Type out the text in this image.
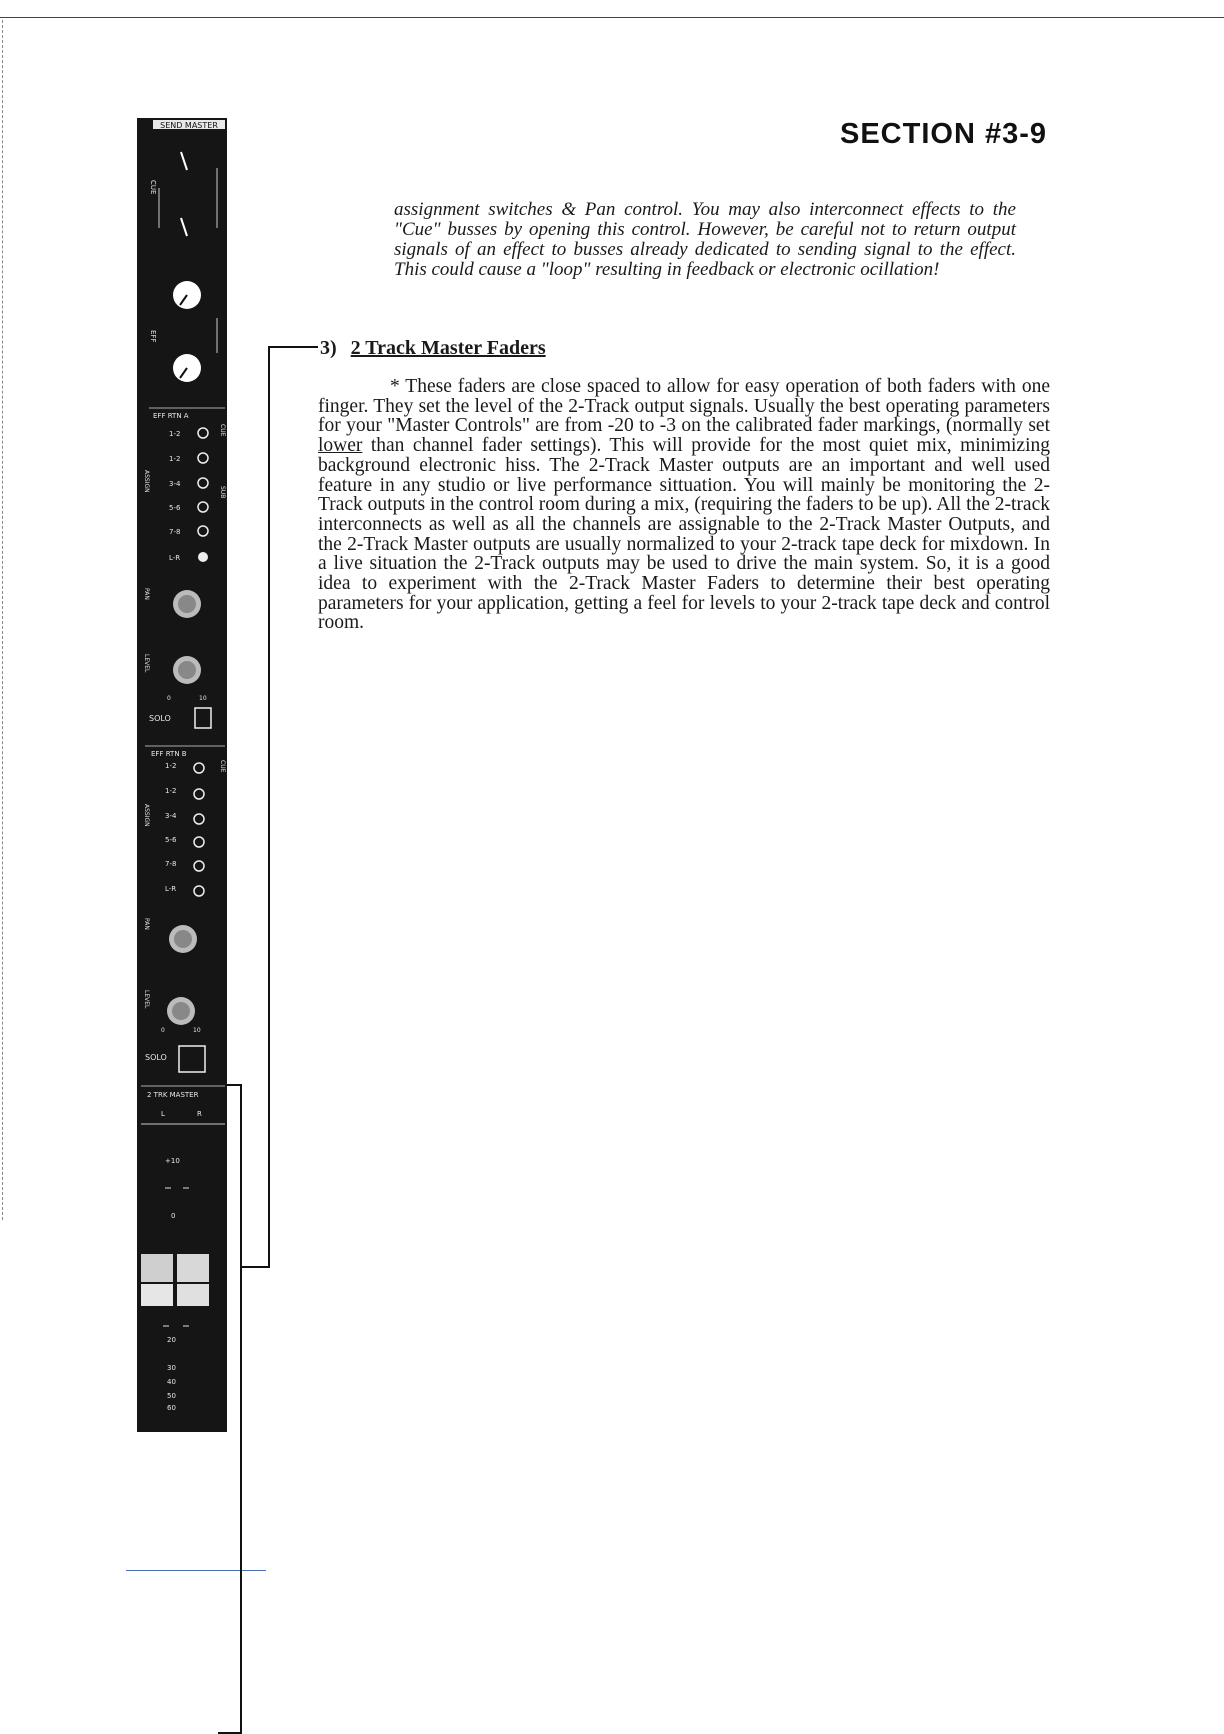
SECTION #3-9
assignment switches & Pan control. You may also interconnect effects to the "Cue" busses by opening this control. However, be careful not to return output signals of an effect to busses already dedicated to sending signal to the effect. This could cause a "loop" resulting in feedback or electronic ocillation!
3) 2 Track Master Faders
* These faders are close spaced to allow for easy operation of both faders with one finger. They set the level of the 2-Track output signals. Usually the best operating parameters for your "Master Controls" are from -20 to -3 on the calibrated fader markings, (normally set lower than channel fader settings). This will provide for the most quiet mix, minimizing background electronic hiss. The 2-Track Master outputs are an important and well used feature in any studio or live performance sittuation. You will mainly be monitoring the 2-Track outputs in the control room during a mix, (requiring the faders to be up). All the 2-track interconnects as well as all the channels are assignable to the 2-Track Master Outputs, and the 2-Track Master outputs are usually normalized to your 2-track tape deck for mixdown. In a live situation the 2-Track outputs may be used to drive the main system. So, it is a good idea to experiment with the 2-Track Master Faders to determine their best operating parameters for your application, getting a feel for levels to your 2-track tape deck and control room.
SEND MASTER
CUE
EFF
EFF RTN A
CUE
SUB
ASSIGN
1-2
1-2
3-4
5-6
7-8
L-R
PAN
LEVEL
0	10
SOLO
EFF RTN B
CUE
ASSIGN
1-2
1-2
3-4
5-6
7-8
L-R
PAN
LEVEL
0	10
SOLO
2 TRK MASTER
L	R
+10
0
20
30
40
50
60
